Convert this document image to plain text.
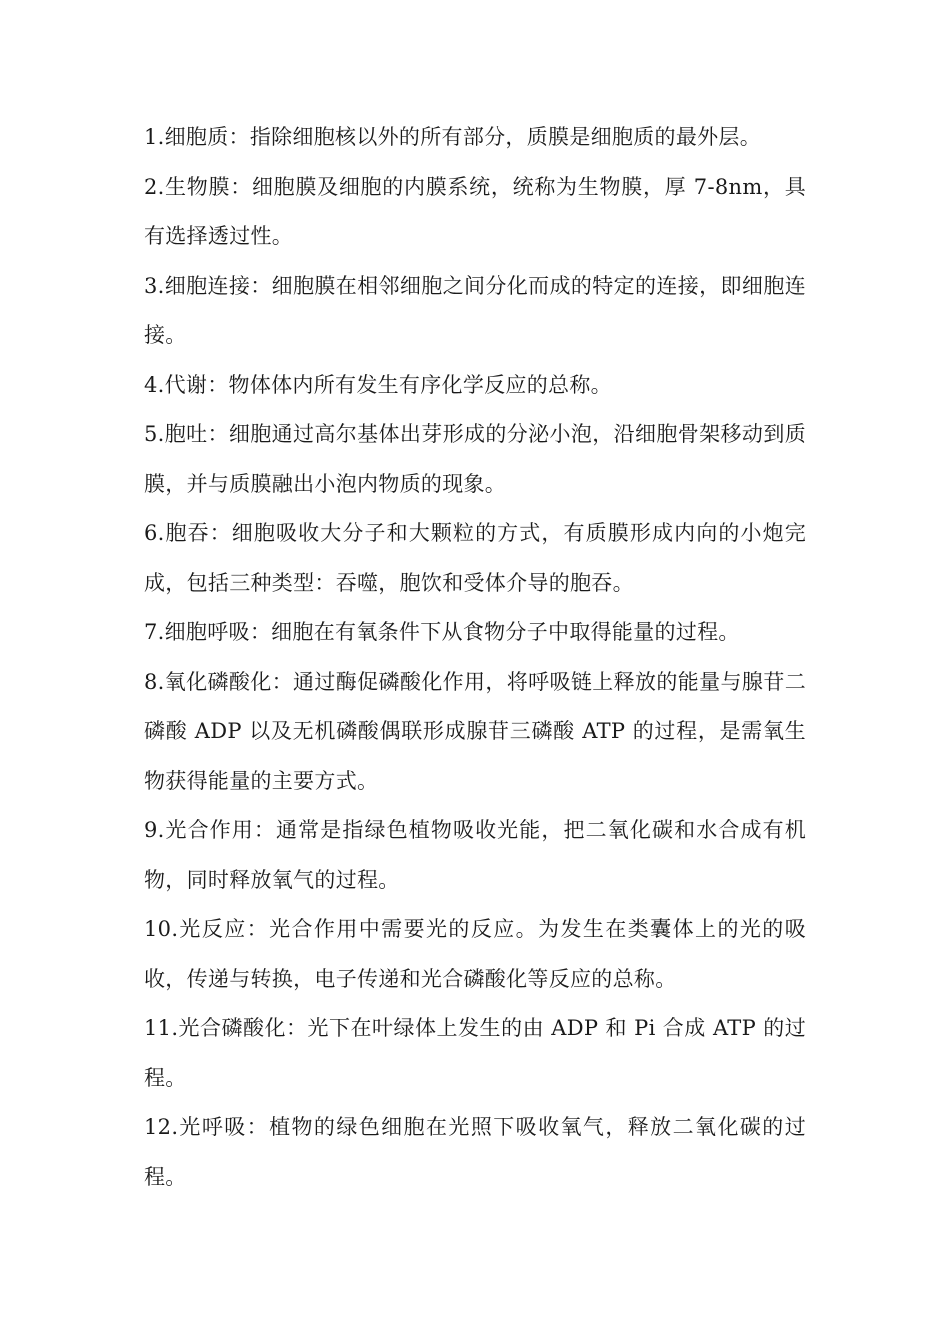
1.细胞质：指除细胞核以外的所有部分，质膜是细胞质的最外层。

2.生物膜：细胞膜及细胞的内膜系统，统称为生物膜，厚 7-8nm，具有选择透过性。

3.细胞连接：细胞膜在相邻细胞之间分化而成的特定的连接，即细胞连接。

4.代谢：物体体内所有发生有序化学反应的总称。

5.胞吐：细胞通过高尔基体出芽形成的分泌小泡，沿细胞骨架移动到质膜，并与质膜融出小泡内物质的现象。

6.胞吞：细胞吸收大分子和大颗粒的方式，有质膜形成内向的小炮完成，包括三种类型：吞噬，胞饮和受体介导的胞吞。

7.细胞呼吸：细胞在有氧条件下从食物分子中取得能量的过程。

8.氧化磷酸化：通过酶促磷酸化作用，将呼吸链上释放的能量与腺苷二磷酸 ADP 以及无机磷酸偶联形成腺苷三磷酸 ATP 的过程，是需氧生物获得能量的主要方式。

9.光合作用：通常是指绿色植物吸收光能，把二氧化碳和水合成有机物，同时释放氧气的过程。

10.光反应：光合作用中需要光的反应。为发生在类囊体上的光的吸收，传递与转换，电子传递和光合磷酸化等反应的总称。

11.光合磷酸化：光下在叶绿体上发生的由 ADP 和 Pi 合成 ATP 的过程。

12.光呼吸：植物的绿色细胞在光照下吸收氧气，释放二氧化碳的过程。
